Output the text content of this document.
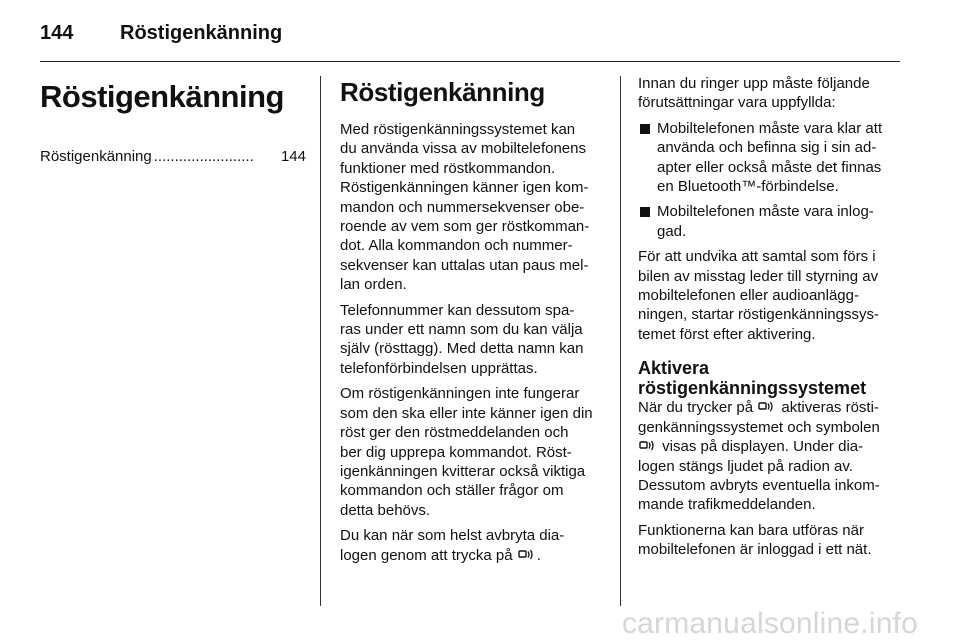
144 Röstigenkänning
Röstigenkänning
Röstigenkänning ........................	144
Röstigenkänning

Med röstigenkänningssystemet kan
du använda vissa av mobiltelefonens
funktioner med röstkommandon.
Röstigenkänningen känner igen kom-
mandon och nummersekvenser obe-
roende av vem som ger röstkomman-
dot. Alla kommandon och nummer-
sekvenser kan uttalas utan paus mel-
lan orden.

Telefonnummer kan dessutom spa-
ras under ett namn som du kan välja
själv (rösttagg). Med detta namn kan
telefonförbindelsen upprättas.

Om röstigenkänningen inte fungerar
som den ska eller inte känner igen din
röst ger den röstmeddelanden och
ber dig upprepa kommandot. Röst-
igenkänningen kvitterar också viktiga
kommandon och ställer frågor om
detta behövs.

Du kan när som helst avbryta dia-
logen genom att trycka på .

Innan du ringer upp måste följande
förutsättningar vara uppfyllda:

Mobiltelefonen måste vara klar att
använda och befinna sig i sin ad-
apter eller också måste det finnas
en Bluetooth™-förbindelse.
Mobiltelefonen måste vara inlog-
gad.

För att undvika att samtal som förs i
bilen av misstag leder till styrning av
mobiltelefonen eller audioanlägg-
ningen, startar röstigenkänningssys-
temet först efter aktivering.

Aktivera
röstigenkänningssystemet

När du trycker på  aktiveras rösti-
genkänningssystemet och symbolen
visas på displayen. Under dia-
logen stängs ljudet på radion av.
Dessutom avbryts eventuella inkom-
mande trafikmeddelanden.

Funktionerna kan bara utföras när
mobiltelefonen är inloggad i ett nät.

carmanualsonline.info
